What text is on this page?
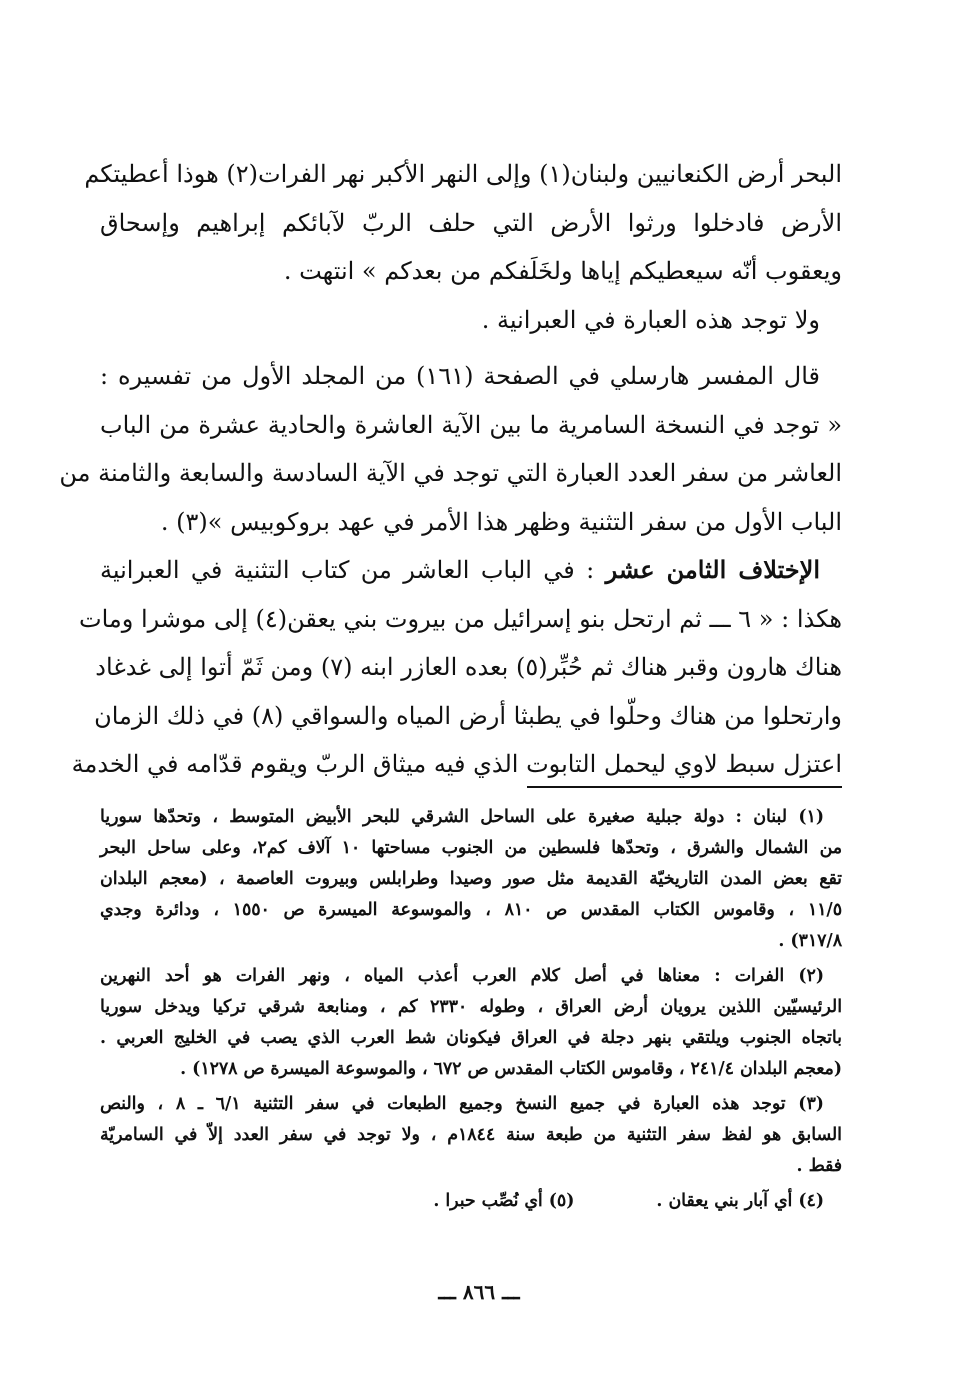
البحر أرض الكنعانيين ولبنان(١) وإلى النهر الأكبر نهر الفرات(٢) هوذا أعطيتكم
الأرض فادخلوا ورثوا الأرض التي حلف الربّ لآبائكم إبراهيم وإسحاق
ويعقوب أنّه سيعطيكم إياها ولخَلَفكم من بعدكم » انتهت .

ولا توجد هذه العبارة في العبرانية .

قال المفسر هارسلي في الصفحة (١٦١) من المجلد الأول من تفسيره :
« توجد في النسخة السامرية ما بين الآية العاشرة والحادية عشرة من الباب
العاشر من سفر العدد العبارة التي توجد في الآية السادسة والسابعة والثامنة من
الباب الأول من سفر التثنية وظهر هذا الأمر في عهد بروكوبيس »(٣) .

الإختلاف الثامن عشر : في الباب العاشر من كتاب التثنية في العبرانية
هكذا : « ٦ ـــ ثم ارتحل بنو إسرائيل من بيروت بني يعقن(٤) إلى موشرا ومات
هناك هارون وقبر هناك ثم حُبِّر(٥) بعده العازر ابنه (٧) ومن ثَمّ أتوا إلى غدغاد
وارتحلوا من هناك وحلّوا في يطبثا أرض المياه والسواقي (٨) في ذلك الزمان
اعتزل سبط لاوي ليحمل التابوت الذي فيه ميثاق الربّ ويقوم قدّامه في الخدمة

(١) لبنان : دولة جبلية صغيرة على الساحل الشرقي للبحر الأبيض المتوسط ، وتحدّها سوريا
من الشمال والشرق ، وتحدّها فلسطين من الجنوب مساحتها ١٠ آلاف كم٢، وعلى ساحل البحر
تقع بعض المدن التاريخيّة القديمة مثل صور وصيدا وطرابلس وبيروت العاصمة ، (معجم البلدان
١١/٥ ، وقاموس الكتاب المقدس ص ٨١٠ ، والموسوعة الميسرة ص ١٥٥٠ ، ودائرة وجدي
٣١٧/٨) .
(٢) الفرات : معناها في أصل كلام العرب أعذب المياه ، ونهر الفرات هو أحد النهرين
الرئيسيّين اللذين يرويان أرض العراق ، وطوله ٢٣٣٠ كم ، ومنابعة شرقي تركيا ويدخل سوريا
باتجاه الجنوب ويلتقي بنهر دجلة في العراق فيكونان شط العرب الذي يصب في الخليج العربي .
(معجم البلدان ٢٤١/٤ ، وقاموس الكتاب المقدس ص ٦٧٢ ، والموسوعة الميسرة ص ١٢٧٨) .
(٣) توجد هذه العبارة في جميع النسخ وجميع الطبعات في سفر التثنية ٦/١ ـ ٨ ، والنص
السابق هو لفظ سفر التثنية من طبعة سنة ١٨٤٤م ، ولا توجد في سفر العدد إلاّ في السامريّة
فقط .
(٤) أي آبار بني يعقان .
(٥) أي نُصِّب حبرا .
ـــ ٨٦٦ ـــ
